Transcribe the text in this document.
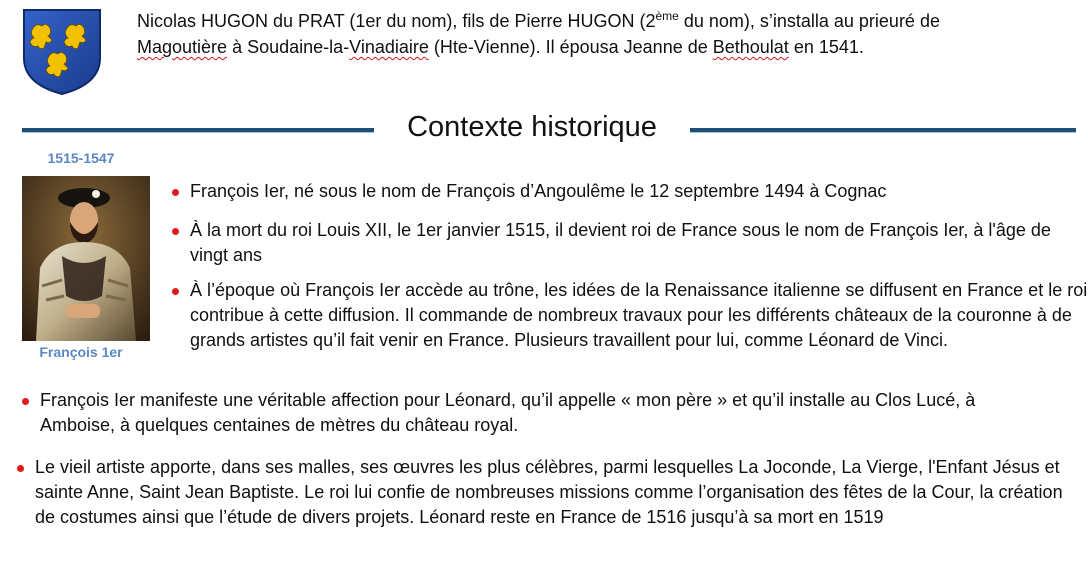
Nicolas HUGON du PRAT (1er du nom), fils de Pierre HUGON (2ème du nom), s’installa au prieuré de
Magoutière à Soudaine-la-Vinadiaire (Hte-Vienne). Il épousa Jeanne de Bethoulat en 1541.
Contexte historique
1515-1547
François 1er
François Ier, né sous le nom de François d’Angoulême le 12 septembre 1494 à Cognac
À la mort du roi Louis XII, le 1er janvier 1515, il devient roi de France sous le nom de François Ier, à l'âge de vingt ans
À l’époque où François Ier accède au trône, les idées de la Renaissance italienne se diffusent en France et le roi contribue à cette diffusion. Il commande de nombreux travaux pour les différents châteaux de la couronne à de grands artistes qu’il fait venir en France. Plusieurs travaillent pour lui, comme Léonard de Vinci.
François Ier manifeste une véritable affection pour Léonard, qu’il appelle « mon père » et qu’il installe au Clos Lucé, à Amboise, à quelques centaines de mètres du château royal.
Le vieil artiste apporte, dans ses malles, ses œuvres les plus célèbres, parmi lesquelles La Joconde, La Vierge, l'Enfant Jésus et sainte Anne, Saint Jean Baptiste. Le roi lui confie de nombreuses missions comme l’organisation des fêtes de la Cour, la création de costumes ainsi que l’étude de divers projets. Léonard reste en France de 1516 jusqu’à sa mort en 1519
